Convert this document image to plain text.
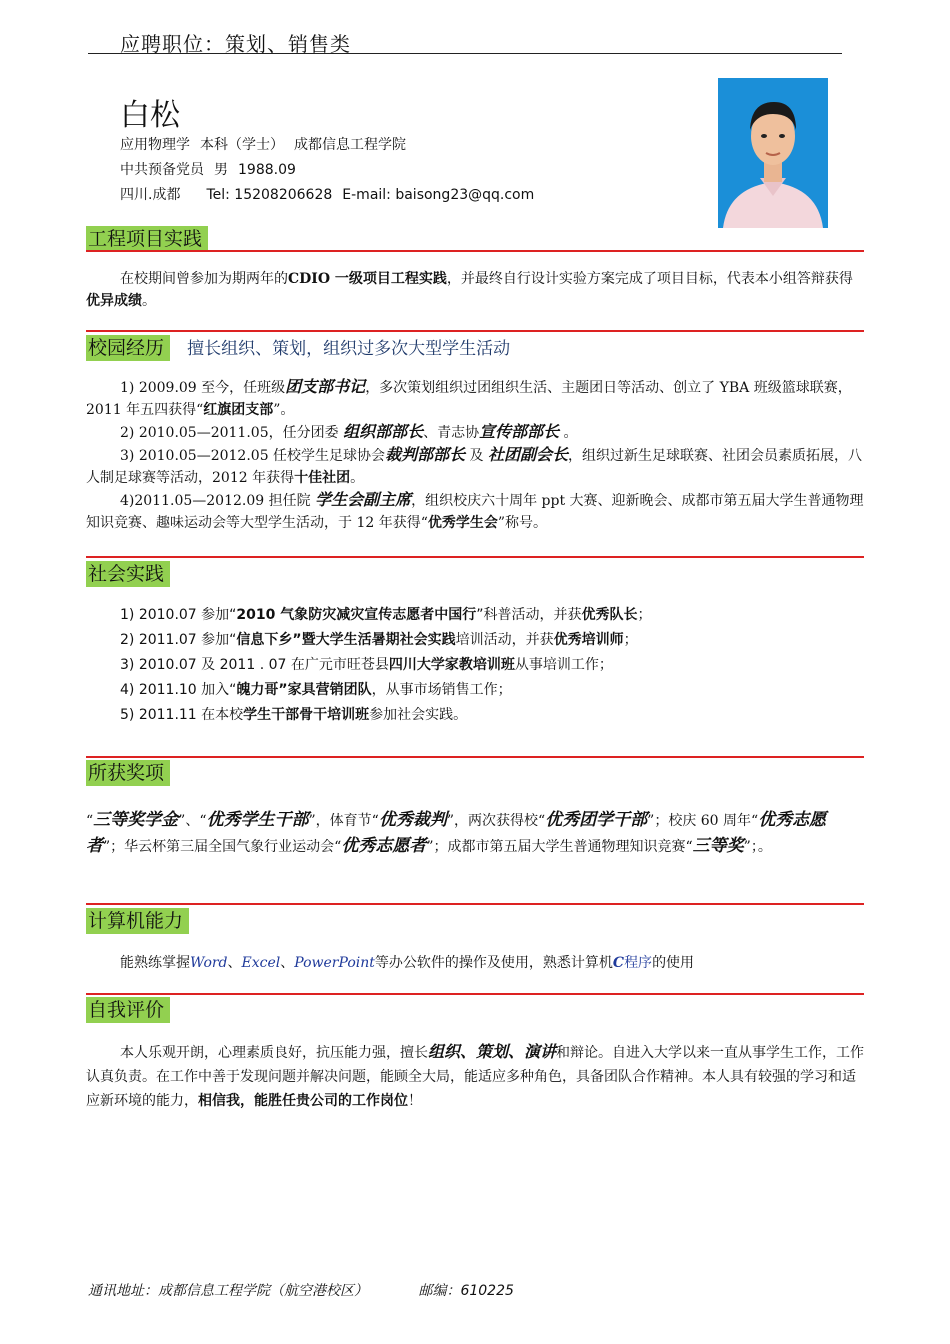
应聘职位：策划、销售类
白松
应用物理学 本科（学士） 成都信息工程学院
中共预备党员 男 1988.09
四川.成都 Tel: 15208206628 E-mail: baisong23@qq.com
工程项目实践

在校期间曾参加为期两年的CDIO 一级项目工程实践，并最终自行设计实验方案完成了项目目标，代表本小组答辩获得优异成绩。

校园经历 擅长组织、策划，组织过多次大型学生活动

1) 2009.09 至今，任班级团支部书记，多次策划组织过团组织生活、主题团日等活动、创立了 YBA 班级篮球联赛，2011 年五四获得“红旗团支部”。

2) 2010.05—2011.05，任分团委 组织部部长、青志协宣传部部长 。

3) 2010.05—2012.05 任校学生足球协会裁判部部长 及 社团副会长，组织过新生足球联赛、社团会员素质拓展，八人制足球赛等活动，2012 年获得十佳社团。

4)2011.05—2012.09 担任院 学生会副主席，组织校庆六十周年 ppt 大赛、迎新晚会、成都市第五届大学生普通物理知识竞赛、趣味运动会等大型学生活动，于 12 年获得“优秀学生会”称号。

社会实践

1) 2010.07 参加“2010 气象防灾减灾宣传志愿者中国行”科普活动，并获优秀队长；

2) 2011.07 参加“信息下乡”暨大学生活暑期社会实践培训活动，并获优秀培训师；

3) 2010.07 及 2011 . 07 在广元市旺苍县四川大学家教培训班从事培训工作；

4) 2011.10 加入“魄力哥”家具营销团队，从事市场销售工作；

5) 2011.11 在本校学生干部骨干培训班参加社会实践。

所获奖项

“三等奖学金”、“优秀学生干部”，体育节“优秀裁判”，两次获得校“优秀团学干部”；校庆 60 周年“优秀志愿者”；华云杯第三届全国气象行业运动会“优秀志愿者”；成都市第五届大学生普通物理知识竞赛“三等奖”；。

计算机能力

能熟练掌握Word、Excel、PowerPoint等办公软件的操作及使用，熟悉计算机C程序的使用

自我评价

本人乐观开朗，心理素质良好，抗压能力强，擅长组织、策划、演讲和辩论。自进入大学以来一直从事学生工作，工作认真负责。在工作中善于发现问题并解决问题，能顾全大局，能适应多种角色，具备团队合作精神。本人具有较强的学习和适应新环境的能力，相信我，能胜任贵公司的工作岗位！

通讯地址：成都信息工程学院（航空港校区）	邮编：610225
